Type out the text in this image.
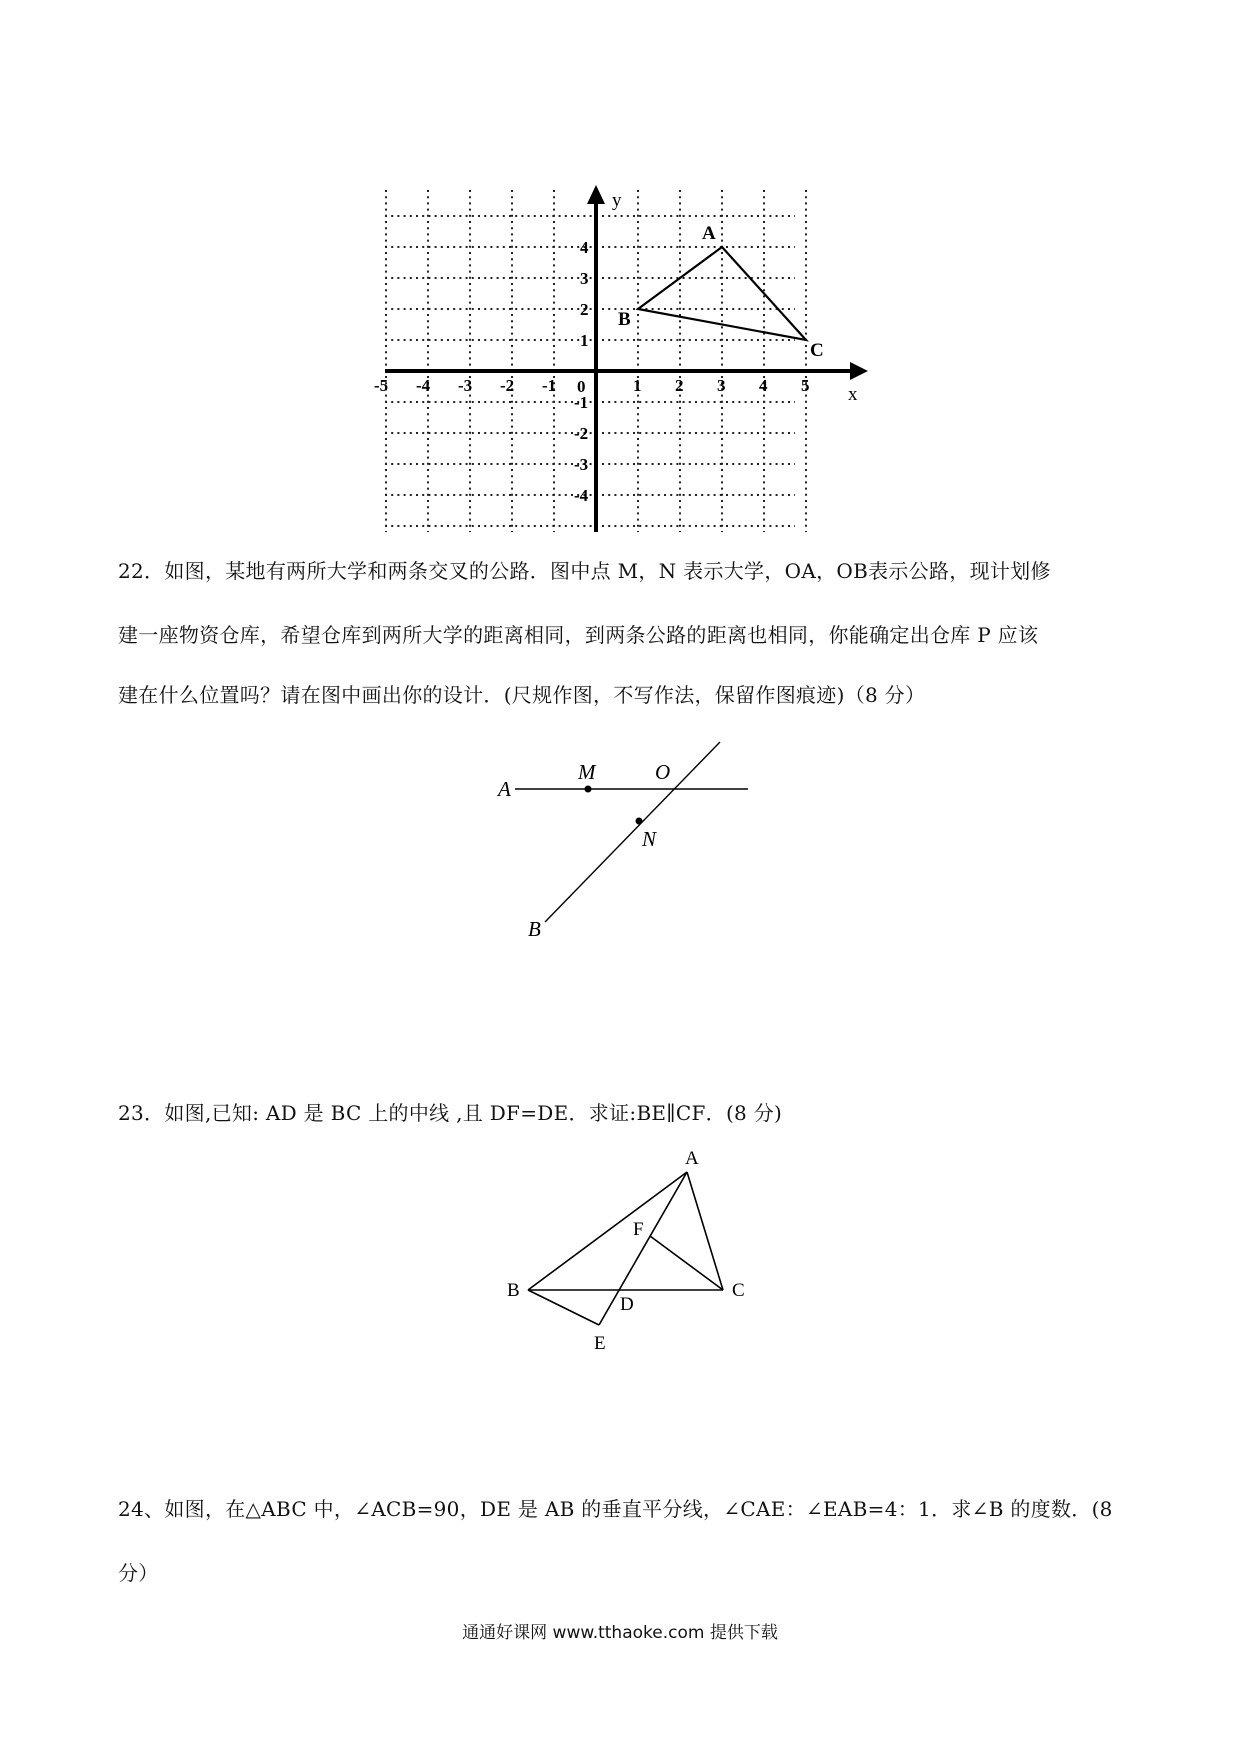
y
x
0
-5 -4 -3 -2 -1	1 2 3 4 5
4
3
2
1
-1
-2
-3
-4
A
B
C
22．如图，某地有两所大学和两条交叉的公路．图中点 M，N 表示大学，OA，OB表示公路，现计划修
建一座物资仓库，希望仓库到两所大学的距离相同，到两条公路的距离也相同，你能确定出仓库 P 应该
建在什么位置吗？请在图中画出你的设计．(尺规作图，不写作法，保留作图痕迹)（8 分）
A
M	O
N
B
23．如图,已知: AD 是 BC 上的中线 ,且 DF=DE．求证:BE∥CF．(8 分)
A
F
B
D
C
E
24、如图，在△ABC 中，∠ACB=90，DE 是 AB 的垂直平分线，∠CAE：∠EAB=4：1．求∠B 的度数．(8
分）
通通好课网 www.tthaoke.com 提供下载
